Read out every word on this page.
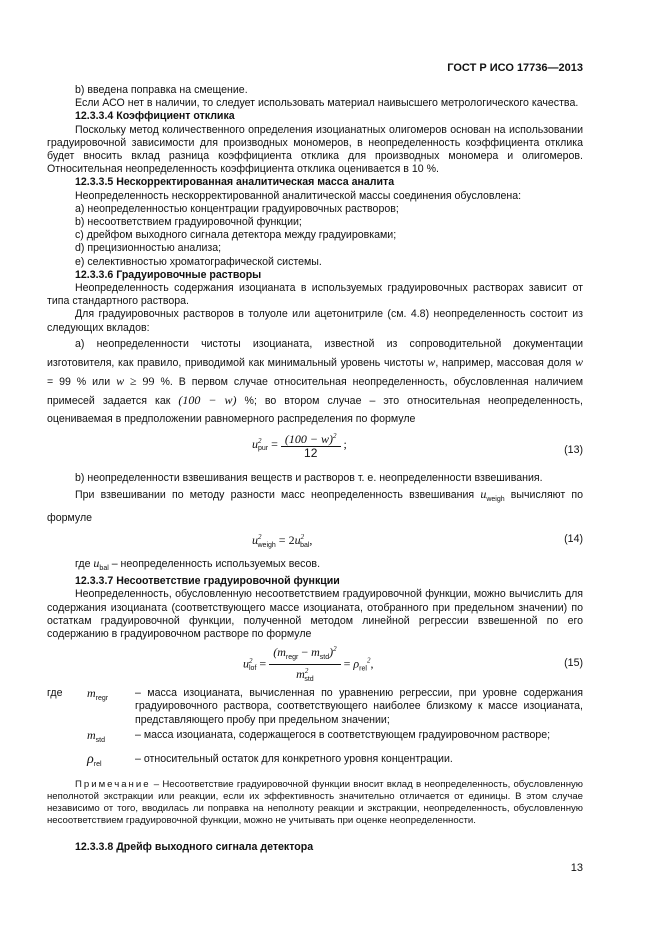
ГОСТ Р ИСО 17736—2013

b) введена поправка на смещение.

Если АСО нет в наличии, то следует использовать материал наивысшего метрологического качества.

12.3.3.4 Коэффициент отклика

Поскольку метод количественного определения изоцианатных олигомеров основан на использовании градуировочной зависимости для производных мономеров, в неопределенность коэффициента отклика будет вносить вклад разница коэффициента отклика для производных мономера и олигомеров. Относительная неопределенность коэффициента отклика оценивается в 10 %.

12.3.3.5 Нескорректированная аналитическая масса аналита

Неопределенность нескорректированной аналитической массы соединения обусловлена:

а) неопределенностью концентрации градуировочных растворов;

b) несоответствием градуировочной функции;

с) дрейфом выходного сигнала детектора между градуировками;

d) прецизионностью анализа;

е) селективностью хроматографической системы.

12.3.3.6 Градуировочные растворы

Неопределенность содержания изоцианата в используемых градуировочных растворах зависит от типа стандартного раствора.

Для градуировочных растворов в толуоле или ацетонитриле (см. 4.8) неопределенность состоит из следующих вкладов:

а) неопределенности чистоты изоцианата, известной из сопроводительной документации изготовителя, как правило, приводимой как минимальный уровень чистоты w, например, массовая доля w = 99 % или w ≥ 99 %. В первом случае относительная неопределенность, обусловленная наличием примесей задается как (100 − w) %; во втором случае – это относительная неопределенность, оцениваемая в предположении равномерного распределения по формуле

u 2
pur = $\frac{(100 - w)^2}{12}$ ;	(13)

b) неопределенности взвешивания веществ и растворов т. е. неопределенности взвешивания.

При взвешивании по методу разности масс неопределенность взвешивания $u_{weigh}$ вычисляют по формуле

$u^2_{weigh} = 2u^2_{bal}$,	(14)

где $u_{bal}$ – неопределенность используемых весов.

12.3.3.7 Несоответствие градуировочной функции

Неопределенность, обусловленную несоответствием градуировочной функции, можно вычислить для содержания изоцианата (соответствующего массе изоцианата, отобранного при предельном значении) по остаткам градуировочной функции, полученной методом линейной регрессии взвешенной по его содержанию в градуировочном растворе по формуле

u 2
lof = $\frac{(m_{regr} - m_{std})^2}{m^2_{std}} = \rho_{rel}^2$,	(15)
где	$m_{regr}$	– масса изоцианата, вычисленная по уравнению регрессии, при уровне содержания градуировочного раствора, соответствующего наиболее близкому к массе изоцианата, представляющего пробу при предельном значении;
$m_{std}$	– масса изоцианата, содержащегося в соответствующем градуировочном растворе;
$\rho_{rel}$	– относительный остаток для конкретного уровня концентрации.

Примечание – Несоответствие градуировочной функции вносит вклад в неопределенность, обусловленную неполнотой экстракции или реакции, если их эффективность значительно отличается от единицы. В этом случае независимо от того, вводилась ли поправка на неполноту реакции и экстракции, неопределенность, обусловленную несоответствием градуировочной функции, можно не учитывать при оценке неопределенности.

12.3.3.8 Дрейф выходного сигнала детектора

13
